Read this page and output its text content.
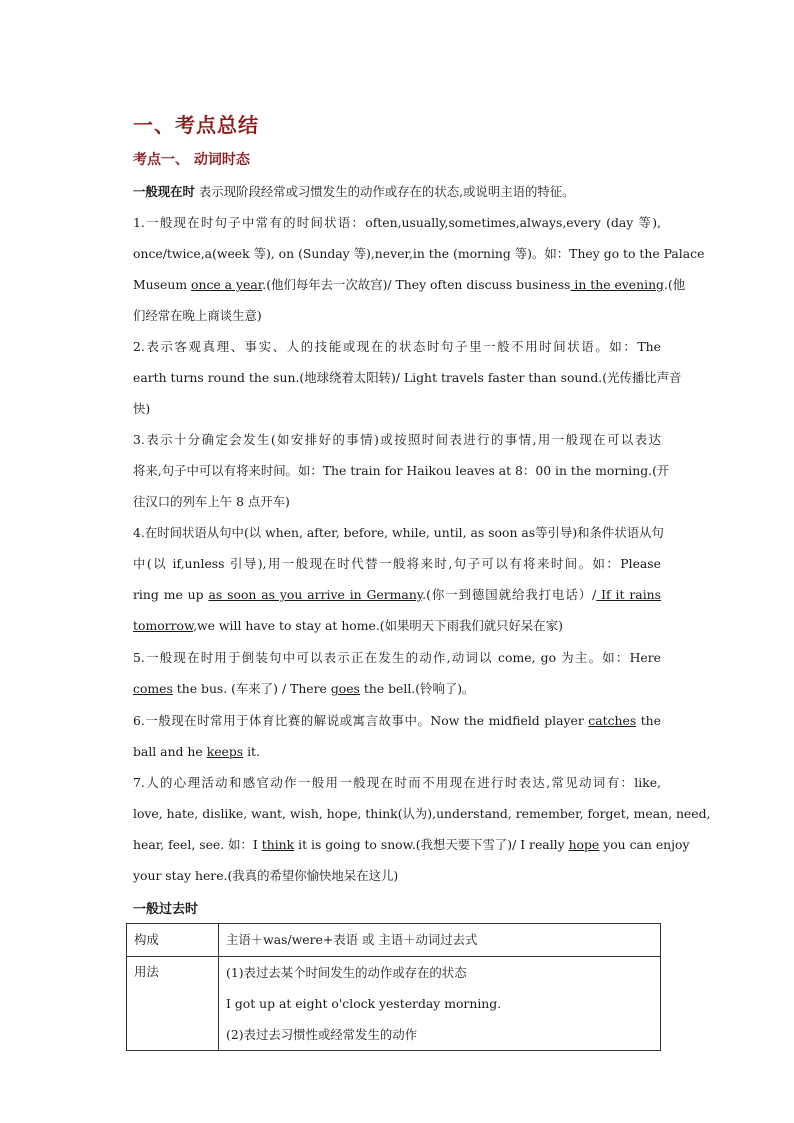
一、考点总结
考点一、 动词时态
一般现在时 表示现阶段经常或习惯发生的动作或存在的状态,或说明主语的特征。
1.一般现在时句子中常有的时间状语：often,usually,sometimes,always,every (day 等),
once/twice,a(week 等), on (Sunday 等),never,in the (morning 等)。如：They go to the Palace
Museum once a year.(他们每年去一次故宫)/ They often discuss business in the evening.(他
们经常在晚上商谈生意)
2.表示客观真理、事实、人的技能或现在的状态时句子里一般不用时间状语。如：The
earth turns round the sun.(地球绕着太阳转)/ Light travels faster than sound.(光传播比声音
快)
3.表示十分确定会发生(如安排好的事情)或按照时间表进行的事情,用一般现在可以表达
将来,句子中可以有将来时间。如：The train for Haikou leaves at 8：00 in the morning.(开
往汉口的列车上午 8 点开车)
4.在时间状语从句中(以 when, after, before, while, until, as soon as等引导)和条件状语从句
中(以 if,unless 引导),用一般现在时代替一般将来时,句子可以有将来时间。如：Please
ring me up as soon as you arrive in Germany.(你一到德国就给我打电话）/ If it rains
tomorrow,we will have to stay at home.(如果明天下雨我们就只好呆在家)
5.一般现在时用于倒装句中可以表示正在发生的动作,动词以 come, go 为主。如：Here
comes the bus. (车来了) / There goes the bell.(铃响了)。
6.一般现在时常用于体育比赛的解说或寓言故事中。Now the midfield player catches the
ball and he keeps it.
7.人的心理活动和感官动作一般用一般现在时而不用现在进行时表达,常见动词有：like,
love, hate, dislike, want, wish, hope, think(认为),understand, remember, forget, mean, need,
hear, feel, see. 如：I think it is going to snow.(我想天要下雪了)/ I really hope you can enjoy
your stay here.(我真的希望你愉快地呆在这儿)
一般过去时
构成	主语＋was/were+表语 或 主语＋动词过去式
用法	(1)表过去某个时间发生的动作或存在的状态
I got up at eight o'clock yesterday morning.
(2)表过去习惯性或经常发生的动作
